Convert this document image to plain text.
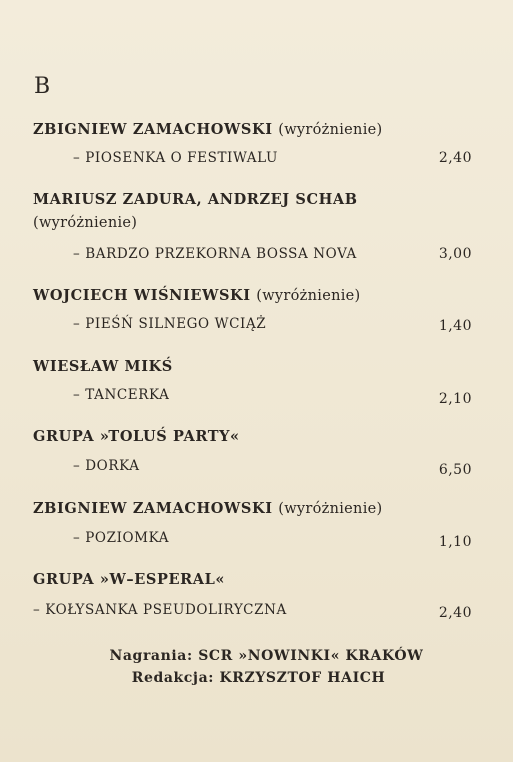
B
ZBIGNIEW ZAMACHOWSKI (wyróżnienie)
– PIOSENKA O FESTIWALU	2,40
MARIUSZ ZADURA, ANDRZEJ SCHAB
(wyróżnienie)
– BARDZO PRZEKORNA BOSSA NOVA	3,00
WOJCIECH WIŚNIEWSKI (wyróżnienie)
– PIEŚŃ SILNEGO WCIĄŻ	1,40
WIESŁAW MIKŚ
– TANCERKA	2,10
GRUPA »TOLUŚ PARTY«
– DORKA	6,50
ZBIGNIEW ZAMACHOWSKI (wyróżnienie)
– POZIOMKA	1,10
GRUPA »W–ESPERAL«
– KOŁYSANKA PSEUDOLIRYCZNA	2,40
Nagrania: SCR »NOWINKI« KRAKÓW
Redakcja: KRZYSZTOF HAICH
